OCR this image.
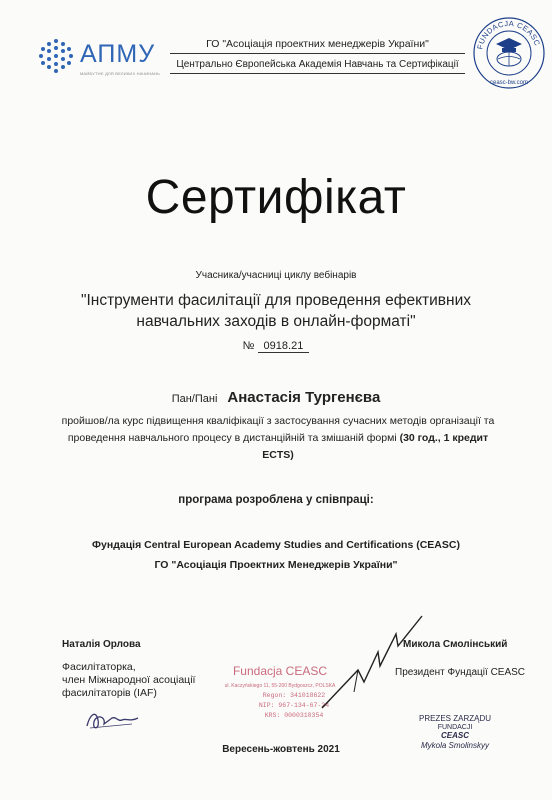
АПМУ
МАЙБУТНЄ ДЛЯ ВЕЛИКИХ НАЧИНАНЬ
ГО "Асоціація проектних менеджерів України"
Центрально Європейська Академія Навчань та Сертифікації
FUNDACJA CEASC
ceasc-bw.com
Сертифікат
Учасника/учасниці циклу вебінарів
"Інструменти фасилітації для проведення ефективних навчальних заходів в онлайн-форматі"
№ 0918.21
Пан/Пані Анастасія Тургенєва
пройшов/ла курс підвищення кваліфікації з застосування сучасних методів організації та проведення навчального процесу в дистанційній та змішаній формі (30 год., 1 кредит ECTS)
програма розроблена у співпраці:
Фундація Central European Academy Studies and Certifications (CEASC)
ГО "Асоціація Проектних Менеджерів України"
Наталія Орлова
Фасилітаторка,
член Міжнародної асоціації
фасилітаторів (IAF)
Fundacja CEASC
ul. Kaczyńskiego 11, 55-200 Bydgoszcz, POLSKA
Regon: 341018622
NIP: 967-134-67-24
KRS: 0000310354
Микола Смолінський
Президент Фундації CEASC
PREZES ZARZĄDU
FUNDACJI
CEASC
Mykola Smolinskyy
Вересень-жовтень 2021
